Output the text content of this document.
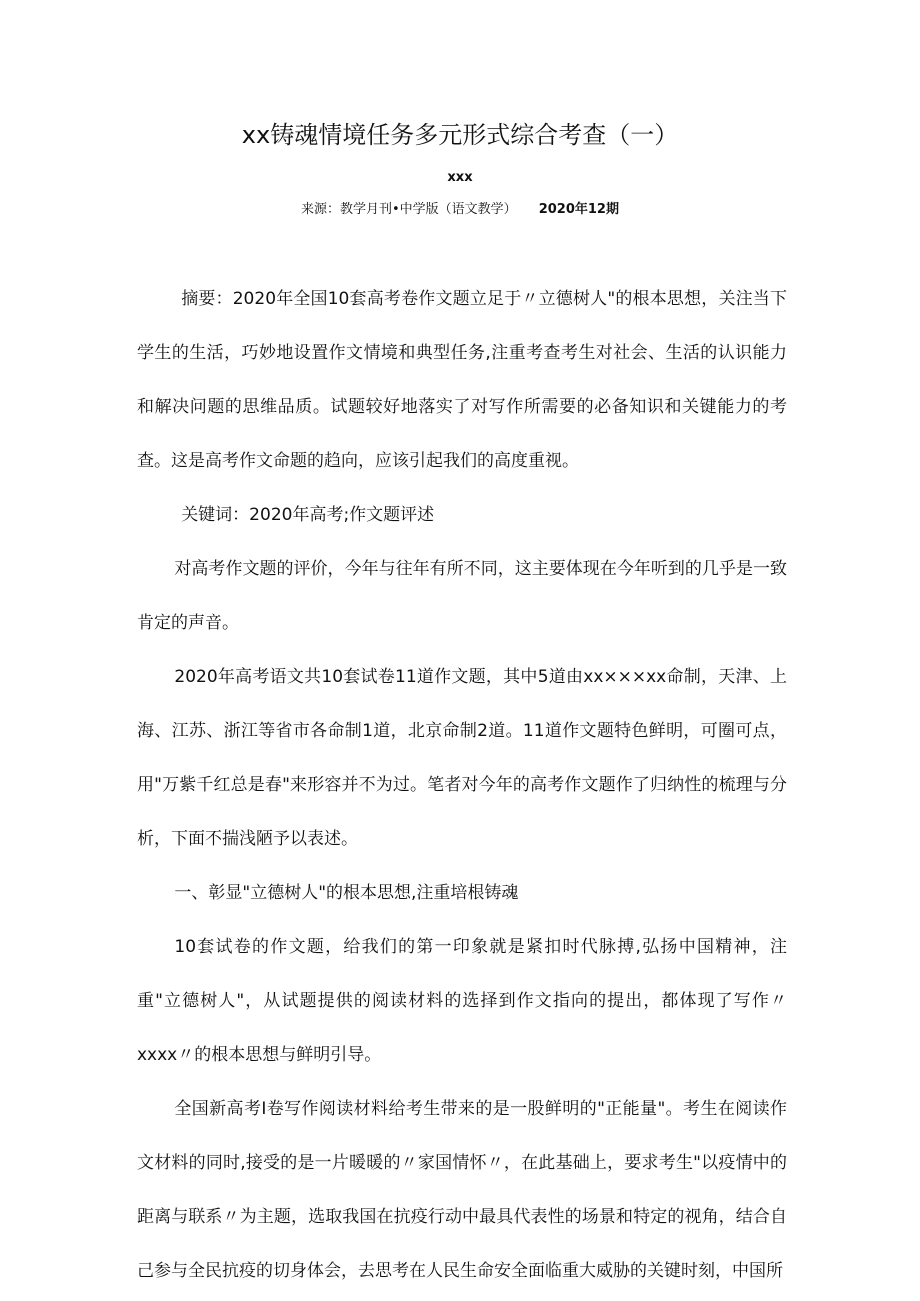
xx铸魂情境任务多元形式综合考查（一）
xxx
来源：教学月刊•中学版（语文教学） 2020年12期

摘要：2020年全国10套高考卷作文题立足于〃立德树人"的根本思想，关注当下学生的生活，巧妙地设置作文情境和典型任务,注重考查考生对社会、生活的认识能力和解决问题的思维品质。试题较好地落实了对写作所需要的必备知识和关键能力的考查。这是高考作文命题的趋向，应该引起我们的高度重视。

关键词：2020年高考;作文题评述

对高考作文题的评价，今年与往年有所不同，这主要体现在今年听到的几乎是一致肯定的声音。

2020年高考语文共10套试卷11道作文题，其中5道由xx×××xx命制，天津、上海、江苏、浙江等省市各命制1道，北京命制2道。11道作文题特色鲜明，可圈可点，用"万紫千红总是春"来形容并不为过。笔者对今年的高考作文题作了归纳性的梳理与分析，下面不揣浅陋予以表述。

一、彰显"立德树人"的根本思想,注重培根铸魂

10套试卷的作文题，给我们的第一印象就是紧扣时代脉搏,弘扬中国精神，注重"立德树人"，从试题提供的阅读材料的选择到作文指向的提出，都体现了写作〃xxxx〃的根本思想与鲜明引导。

全国新高考Ⅰ卷写作阅读材料给考生带来的是一股鲜明的"正能量"。考生在阅读作文材料的同时,接受的是一片暖暖的〃家国情怀〃，在此基础上，要求考生"以疫情中的距离与联系〃为主题，选取我国在抗疫行动中最具代表性的场景和特定的视角，结合自己参与全民抗疫的切身体会，去思考在人民生命安全面临重大威胁的关键时刻，中国所
